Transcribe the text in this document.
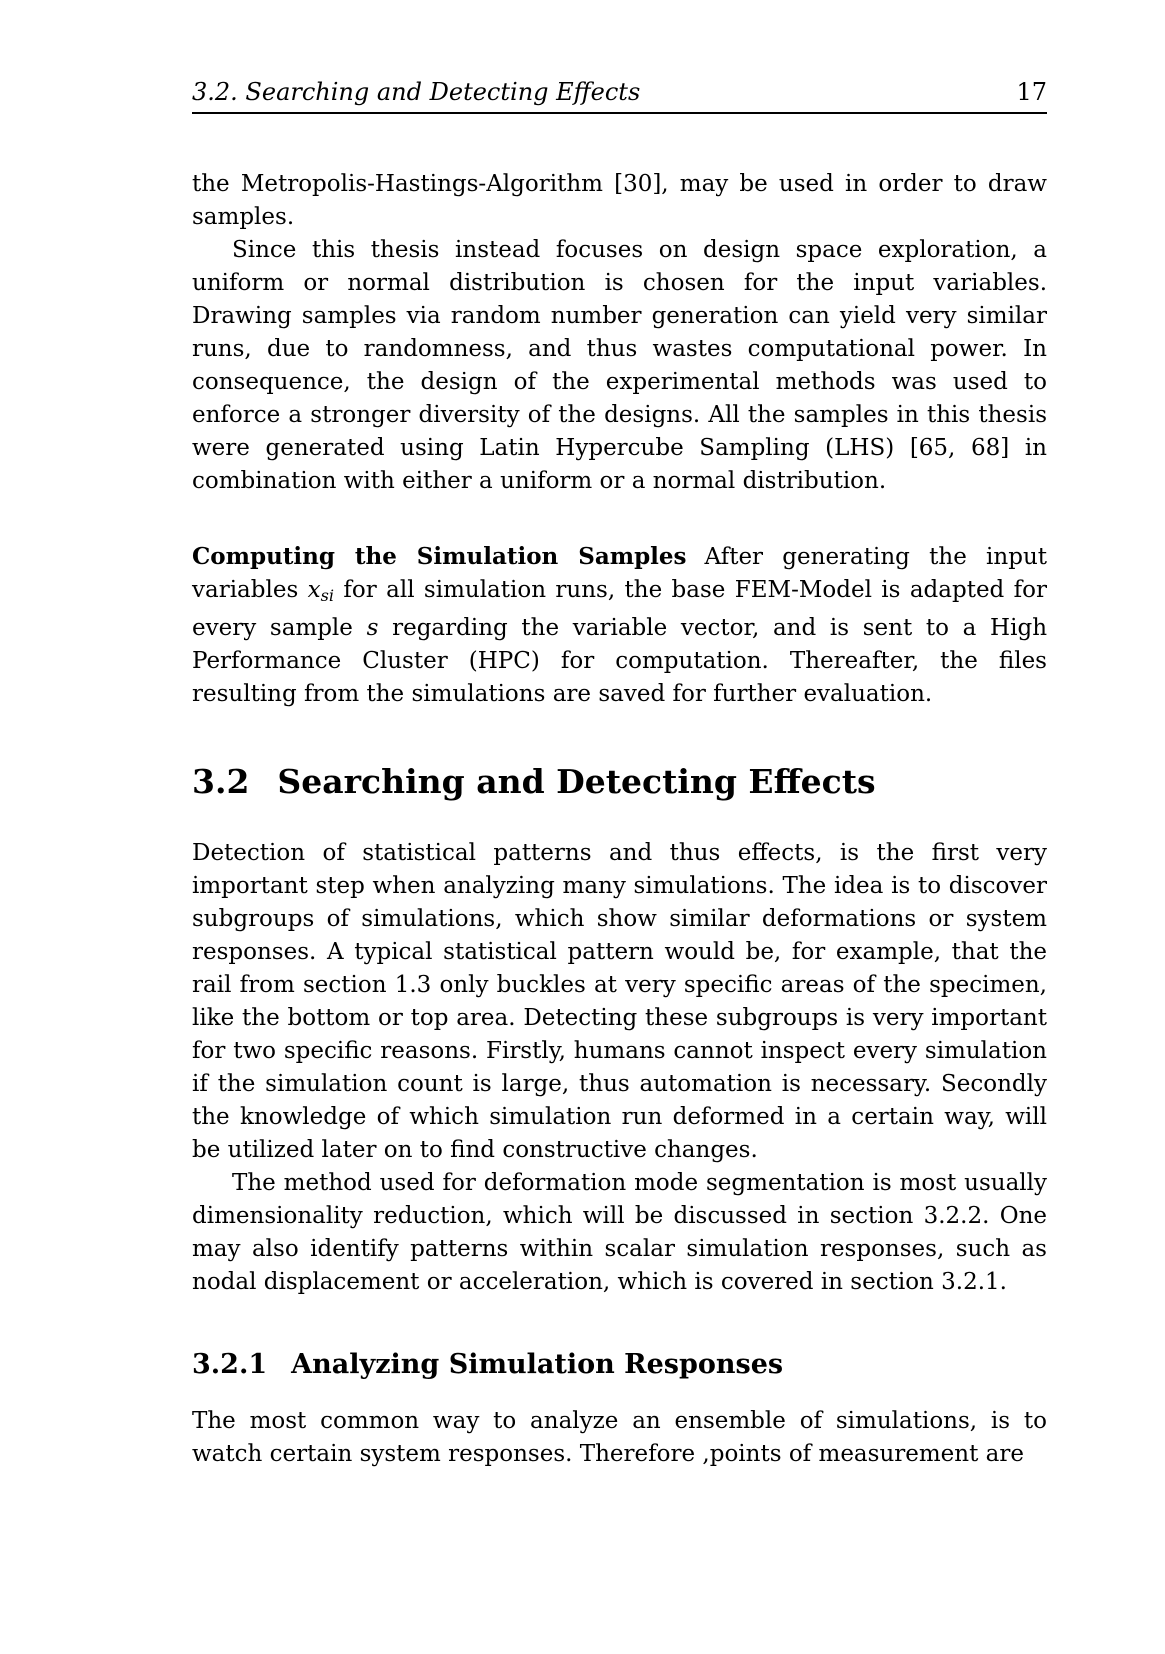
3.2. Searching and Detecting Effects	17

the Metropolis-Hastings-Algorithm [30], may be used in order to draw samples.

Since this thesis instead focuses on design space exploration, a uniform or normal distribution is chosen for the input variables. Drawing samples via random number generation can yield very similar runs, due to randomness, and thus wastes computational power. In consequence, the design of the experimental methods was used to enforce a stronger diversity of the designs. All the samples in this thesis were generated using Latin Hypercube Sampling (LHS) [65, 68] in combination with either a uniform or a normal distribution.

Computing the Simulation Samples After generating the input variables $x_{si}$ for all simulation runs, the base FEM-Model is adapted for every sample s regarding the variable vector, and is sent to a High Performance Cluster (HPC) for computation. Thereafter, the files resulting from the simulations are saved for further evaluation.

3.2 Searching and Detecting Effects

Detection of statistical patterns and thus effects, is the first very important step when analyzing many simulations. The idea is to discover subgroups of simulations, which show similar deformations or system responses. A typical statistical pattern would be, for example, that the rail from section 1.3 only buckles at very specific areas of the specimen, like the bottom or top area. Detecting these subgroups is very important for two specific reasons. Firstly, humans cannot inspect every simulation if the simulation count is large, thus automation is necessary. Secondly the knowledge of which simulation run deformed in a certain way, will be utilized later on to find constructive changes.

The method used for deformation mode segmentation is most usually dimensionality reduction, which will be discussed in section 3.2.2. One may also identify patterns within scalar simulation responses, such as nodal displacement or acceleration, which is covered in section 3.2.1.

3.2.1 Analyzing Simulation Responses

The most common way to analyze an ensemble of simulations, is to watch certain system responses. Therefore ,points of measurement are
